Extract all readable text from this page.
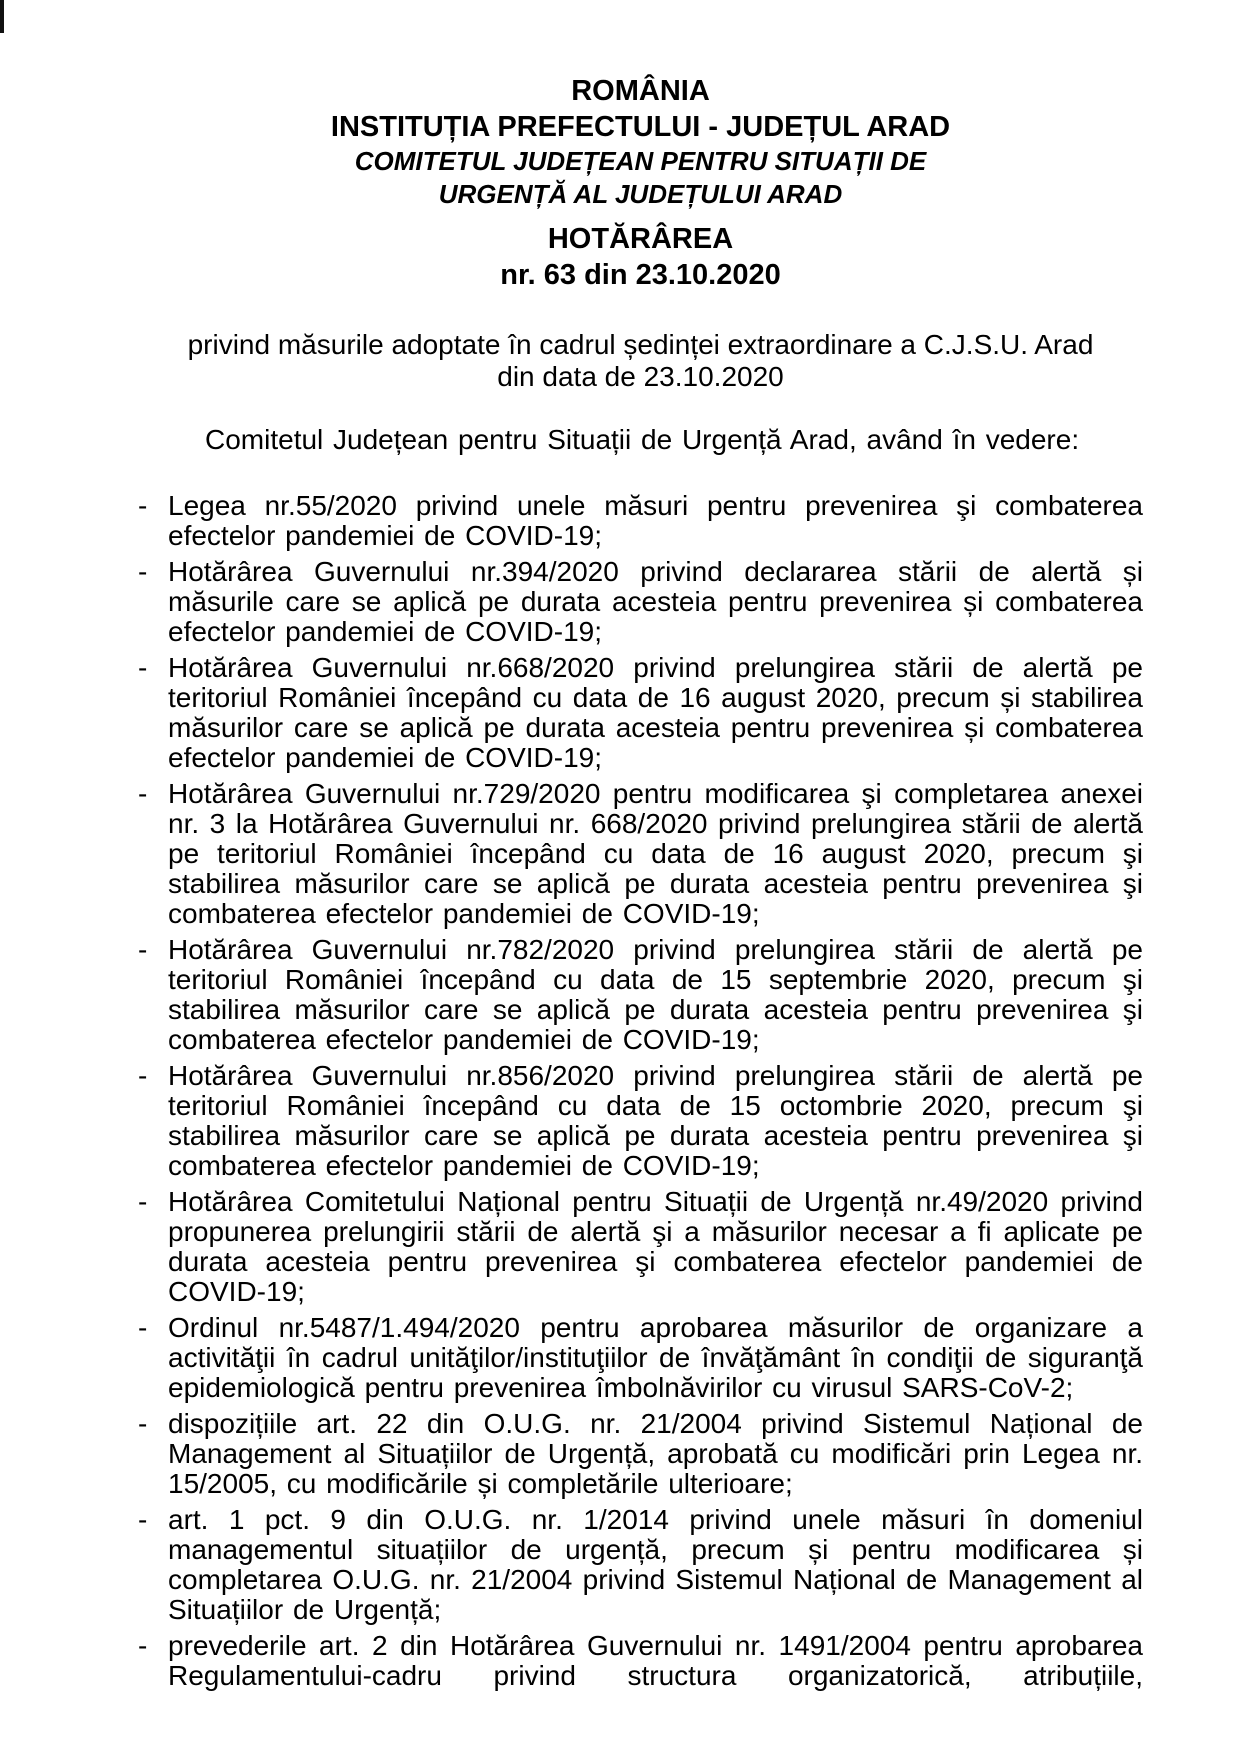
ROMÂNIA
INSTITUȚIA PREFECTULUI - JUDEȚUL ARAD
COMITETUL JUDEȚEAN PENTRU SITUAȚII DE
URGENȚĂ AL JUDEȚULUI ARAD
HOTĂRÂREA
nr. 63 din 23.10.2020
privind măsurile adoptate în cadrul ședinței extraordinare a C.J.S.U. Arad
din data de 23.10.2020

Comitetul Județean pentru Situații de Urgență Arad, având în vedere:

- Legea nr.55/2020 privind unele măsuri pentru prevenirea şi combaterea efectelor pandemiei de COVID-19;
- Hotărârea Guvernului nr.394/2020 privind declararea stării de alertă și măsurile care se aplică pe durata acesteia pentru prevenirea și combaterea efectelor pandemiei de COVID-19;
- Hotărârea Guvernului nr.668/2020 privind prelungirea stării de alertă pe teritoriul României începând cu data de 16 august 2020, precum și stabilirea măsurilor care se aplică pe durata acesteia pentru prevenirea și combaterea efectelor pandemiei de COVID-19;
- Hotărârea Guvernului nr.729/2020 pentru modificarea şi completarea anexei nr. 3 la Hotărârea Guvernului nr. 668/2020 privind prelungirea stării de alertă pe teritoriul României începând cu data de 16 august 2020, precum şi stabilirea măsurilor care se aplică pe durata acesteia pentru prevenirea şi combaterea efectelor pandemiei de COVID-19;
- Hotărârea Guvernului nr.782/2020 privind prelungirea stării de alertă pe teritoriul României începând cu data de 15 septembrie 2020, precum şi stabilirea măsurilor care se aplică pe durata acesteia pentru prevenirea şi combaterea efectelor pandemiei de COVID-19;
- Hotărârea Guvernului nr.856/2020 privind prelungirea stării de alertă pe teritoriul României începând cu data de 15 octombrie 2020, precum şi stabilirea măsurilor care se aplică pe durata acesteia pentru prevenirea şi combaterea efectelor pandemiei de COVID-19;
- Hotărârea Comitetului Național pentru Situații de Urgență nr.49/2020 privind propunerea prelungirii stării de alertă şi a măsurilor necesar a fi aplicate pe durata acesteia pentru prevenirea şi combaterea efectelor pandemiei de COVID-19;
- Ordinul nr.5487/1.494/2020 pentru aprobarea măsurilor de organizare a activităţii în cadrul unităţilor/instituţiilor de învăţământ în condiţii de siguranţă epidemiologică pentru prevenirea îmbolnăvirilor cu virusul SARS-CoV-2;
- dispozițiile art. 22 din O.U.G. nr. 21/2004 privind Sistemul Național de Management al Situațiilor de Urgență, aprobată cu modificări prin Legea nr. 15/2005, cu modificările și completările ulterioare;
- art. 1 pct. 9 din O.U.G. nr. 1/2014 privind unele măsuri în domeniul managementul situațiilor de urgență, precum și pentru modificarea și completarea O.U.G. nr. 21/2004 privind Sistemul Național de Management al Situațiilor de Urgență;
- prevederile art. 2 din Hotărârea Guvernului nr. 1491/2004 pentru aprobarea Regulamentului-cadru privind structura organizatorică, atribuțiile,
